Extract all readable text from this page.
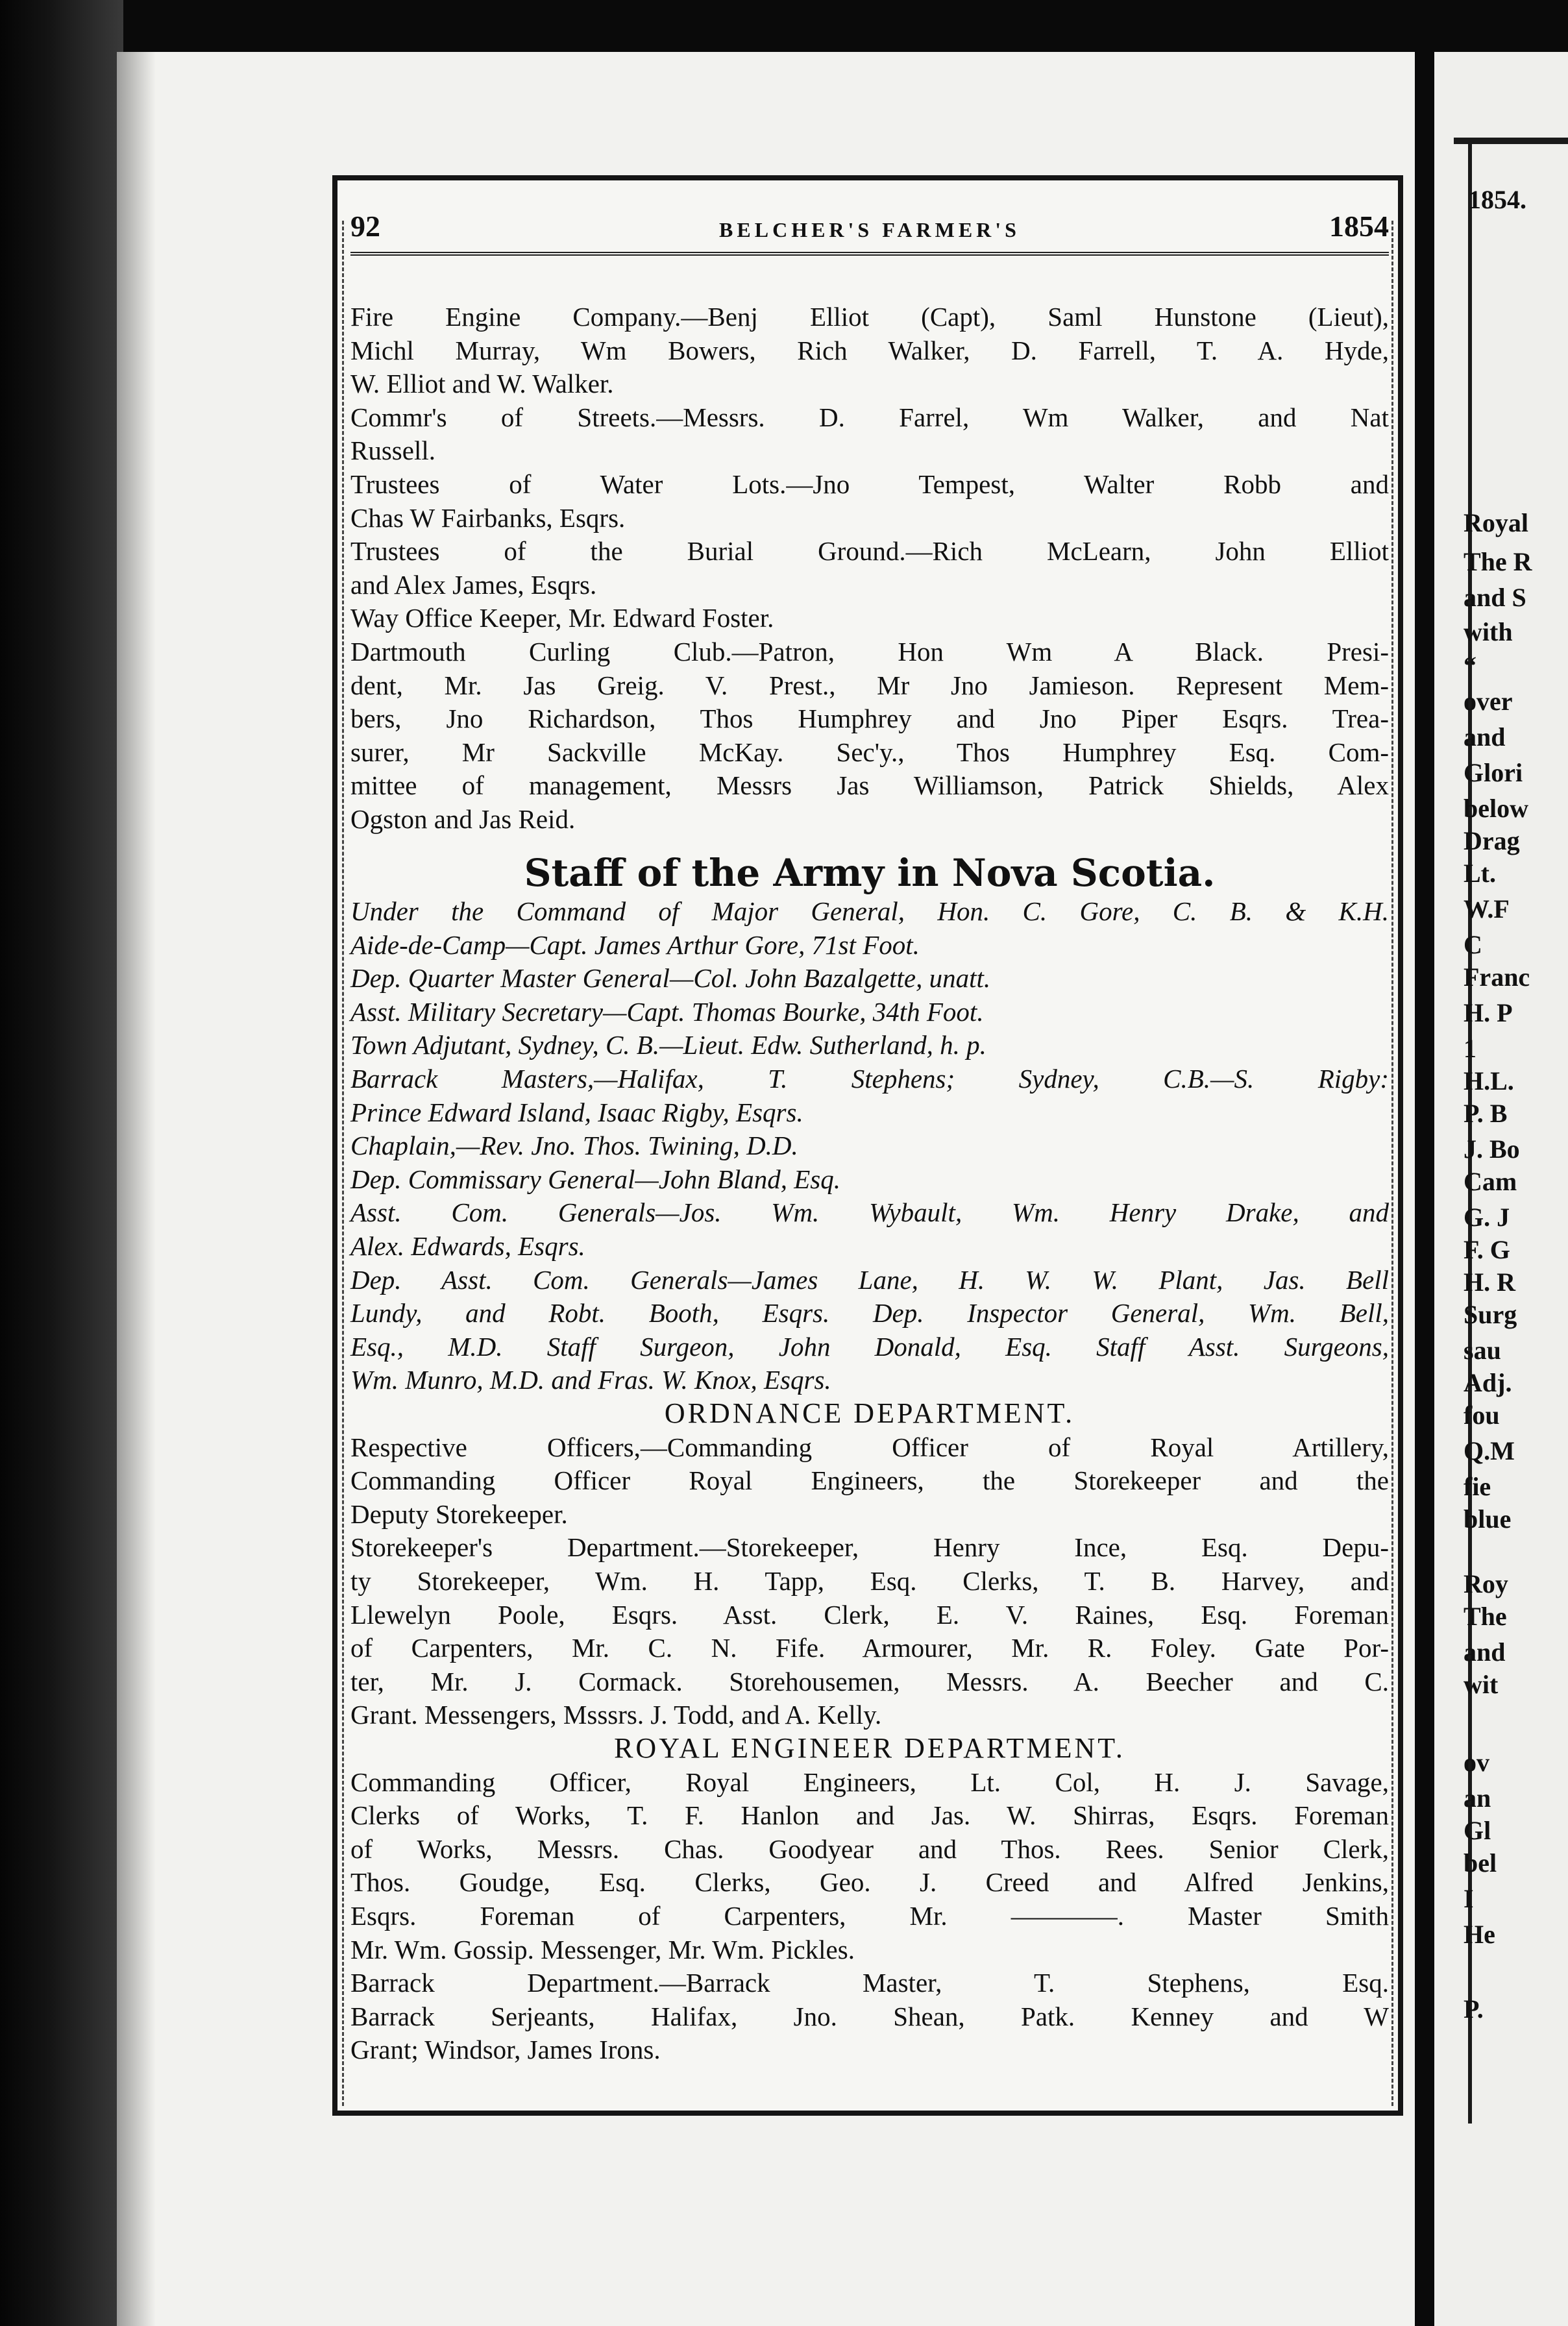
92	BELCHER'S FARMER'S	1854
Fire Engine Company.—Benj Elliot (Capt), Saml Hunstone (Lieut),
Michl Murray, Wm Bowers, Rich Walker, D. Farrell, T. A. Hyde,
W. Elliot and W. Walker.
Commr's of Streets.—Messrs. D. Farrel, Wm Walker, and Nat
Russell.
Trustees of Water Lots.—Jno Tempest, Walter Robb and
Chas W Fairbanks, Esqrs.
Trustees of the Burial Ground.—Rich McLearn, John Elliot
and Alex James, Esqrs.
Way Office Keeper, Mr. Edward Foster.
Dartmouth Curling Club.—Patron, Hon Wm A Black. Presi-
dent, Mr. Jas Greig. V. Prest., Mr Jno Jamieson. Represent Mem-
bers, Jno Richardson, Thos Humphrey and Jno Piper Esqrs. Trea-
surer, Mr Sackville McKay. Sec'y., Thos Humphrey Esq. Com-
mittee of management, Messrs Jas Williamson, Patrick Shields, Alex
Ogston and Jas Reid.
Staff of the Army in Nova Scotia.
Under the Command of Major General, Hon. C. Gore, C. B. & K.H.
Aide-de-Camp—Capt. James Arthur Gore, 71st Foot.
Dep. Quarter Master General—Col. John Bazalgette, unatt.
Asst. Military Secretary—Capt. Thomas Bourke, 34th Foot.
Town Adjutant, Sydney, C. B.—Lieut. Edw. Sutherland, h. p.
Barrack Masters,—Halifax, T. Stephens; Sydney, C.B.—S. Rigby:
Prince Edward Island, Isaac Rigby, Esqrs.
Chaplain,—Rev. Jno. Thos. Twining, D.D.
Dep. Commissary General—John Bland, Esq.
Asst. Com. Generals—Jos. Wm. Wybault, Wm. Henry Drake, and
Alex. Edwards, Esqrs.
Dep. Asst. Com. Generals—James Lane, H. W. W. Plant, Jas. Bell
Lundy, and Robt. Booth, Esqrs. Dep. Inspector General, Wm. Bell,
Esq., M.D. Staff Surgeon, John Donald, Esq. Staff Asst. Surgeons,
Wm. Munro, M.D. and Fras. W. Knox, Esqrs.
ORDNANCE DEPARTMENT.
Respective Officers,—Commanding Officer of Royal Artillery,
Commanding Officer Royal Engineers, the Storekeeper and the
Deputy Storekeeper.
Storekeeper's Department.—Storekeeper, Henry Ince, Esq. Depu-
ty Storekeeper, Wm. H. Tapp, Esq. Clerks, T. B. Harvey, and
Llewelyn Poole, Esqrs. Asst. Clerk, E. V. Raines, Esq. Foreman
of Carpenters, Mr. C. N. Fife. Armourer, Mr. R. Foley. Gate Por-
ter, Mr. J. Cormack. Storehousemen, Messrs. A. Beecher and C.
Grant. Messengers, Msssrs. J. Todd, and A. Kelly.
ROYAL ENGINEER DEPARTMENT.
Commanding Officer, Royal Engineers, Lt. Col, H. J. Savage,
Clerks of Works, T. F. Hanlon and Jas. W. Shirras, Esqrs. Foreman
of Works, Messrs. Chas. Goodyear and Thos. Rees. Senior Clerk,
Thos. Goudge, Esq. Clerks, Geo. J. Creed and Alfred Jenkins,
Esqrs. Foreman of Carpenters, Mr. ————. Master Smith
Mr. Wm. Gossip. Messenger, Mr. Wm. Pickles.
Barrack Department.—Barrack Master, T. Stephens, Esq.
Barrack Serjeants, Halifax, Jno. Shean, Patk. Kenney and W
Grant; Windsor, James Irons.
1854.
Royal
The R
and S
with
“
over
and
Glori
below
Drag
Lt.
W.F
C
Franc
H. P
1
H.L.
P. B
J. Bo
Cam
G. J
F. G
H. R
Surg
sau
Adj.
fou
Q.M
fie
blue
Roy
The
and
wit
ov
an
Gl
bel
I
He
P.
